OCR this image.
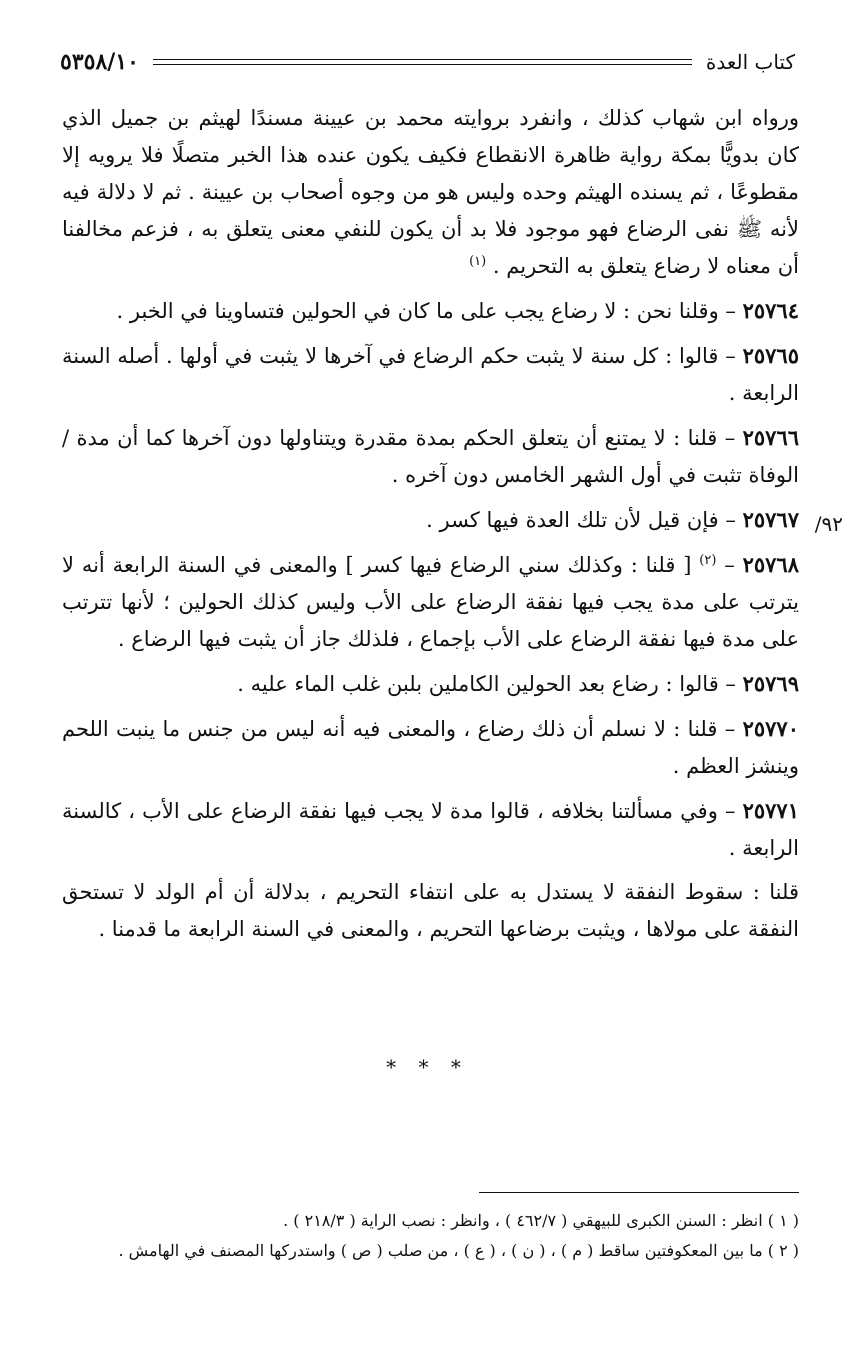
كتاب العدة
٥٣٥٨/١٠
٩٢/

ورواه ابن شهاب كذلك ، وانفرد بروايته محمد بن عيينة مسندًا لهيثم بن جميل الذي كان بدويًّا بمكة رواية ظاهرة الانقطاع فكيف يكون عنده هذا الخبر متصلًا فلا يرويه إلا مقطوعًا ، ثم يسنده الهيثم وحده وليس هو من وجوه أصحاب بن عيينة . ثم لا دلالة فيه لأنه ﷺ نفى الرضاع فهو موجود فلا بد أن يكون للنفي معنى يتعلق به ، فزعم مخالفنا أن معناه لا رضاع يتعلق به التحريم . $^{(١)}$

٢٥٧٦٤ – وقلنا نحن : لا رضاع يجب على ما كان في الحولين فتساوينا في الخبر .

٢٥٧٦٥ – قالوا : كل سنة لا يثبت حكم الرضاع في آخرها لا يثبت في أولها . أصله السنة الرابعة .

٢٥٧٦٦ – قلنا : لا يمتنع أن يتعلق الحكم بمدة مقدرة ويتناولها دون آخرها كما أن مدة / الوفاة تثبت في أول الشهر الخامس دون آخره .

٢٥٧٦٧ – فإن قيل لأن تلك العدة فيها كسر .

٢٥٧٦٨ – $^{(٢)}$ [ قلنا : وكذلك سني الرضاع فيها كسر ] والمعنى في السنة الرابعة أنه لا يترتب على مدة يجب فيها نفقة الرضاع على الأب وليس كذلك الحولين ؛ لأنها تترتب على مدة فيها نفقة الرضاع على الأب بإجماع ، فلذلك جاز أن يثبت فيها الرضاع .

٢٥٧٦٩ – قالوا : رضاع بعد الحولين الكاملين بلبن غلب الماء عليه .

٢٥٧٧٠ – قلنا : لا نسلم أن ذلك رضاع ، والمعنى فيه أنه ليس من جنس ما ينبت اللحم وينشز العظم .

٢٥٧٧١ – وفي مسألتنا بخلافه ، قالوا مدة لا يجب فيها نفقة الرضاع على الأب ، كالسنة الرابعة .

قلنا : سقوط النفقة لا يستدل به على انتفاء التحريم ، بدلالة أن أم الولد لا تستحق النفقة على مولاها ، ويثبت برضاعها التحريم ، والمعنى في السنة الرابعة ما قدمنا .

* * *

( ١ ) انظر : السنن الكبرى للبيهقي ( ٤٦٢/٧ ) ، وانظر : نصب الراية ( ٢١٨/٣ ) .

( ٢ ) ما بين المعكوفتين ساقط ( م ) ، ( ن ) ، ( ع ) ، من صلب ( ص ) واستدركها المصنف في الهامش .
